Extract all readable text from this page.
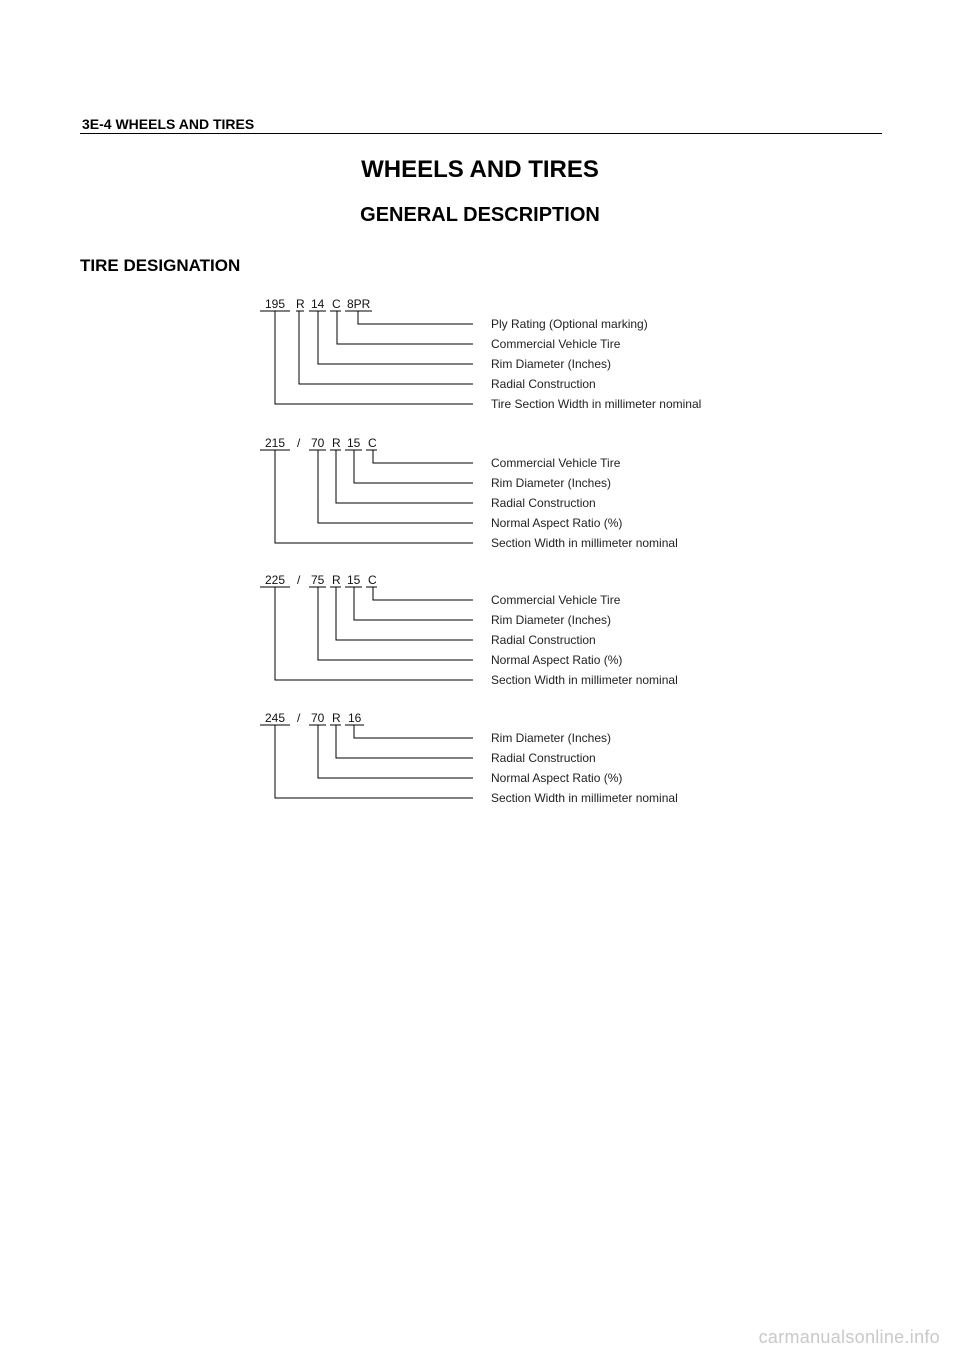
3E-4 WHEELS AND TIRES
WHEELS AND TIRES
GENERAL DESCRIPTION
TIRE DESIGNATION
195 R 14 C 8PR
Ply Rating (Optional marking)
Commercial Vehicle Tire
Rim Diameter (Inches)
Radial Construction
Tire Section Width in millimeter nominal
215 / 70 R 15 C
Commercial Vehicle Tire
Rim Diameter (Inches)
Radial Construction
Normal Aspect Ratio (%)
Section Width in millimeter nominal
225 / 75 R 15 C
Commercial Vehicle Tire
Rim Diameter (Inches)
Radial Construction
Normal Aspect Ratio (%)
Section Width in millimeter nominal
245 / 70 R 16
Rim Diameter (Inches)
Radial Construction
Normal Aspect Ratio (%)
Section Width in millimeter nominal
carmanualsonline.info
